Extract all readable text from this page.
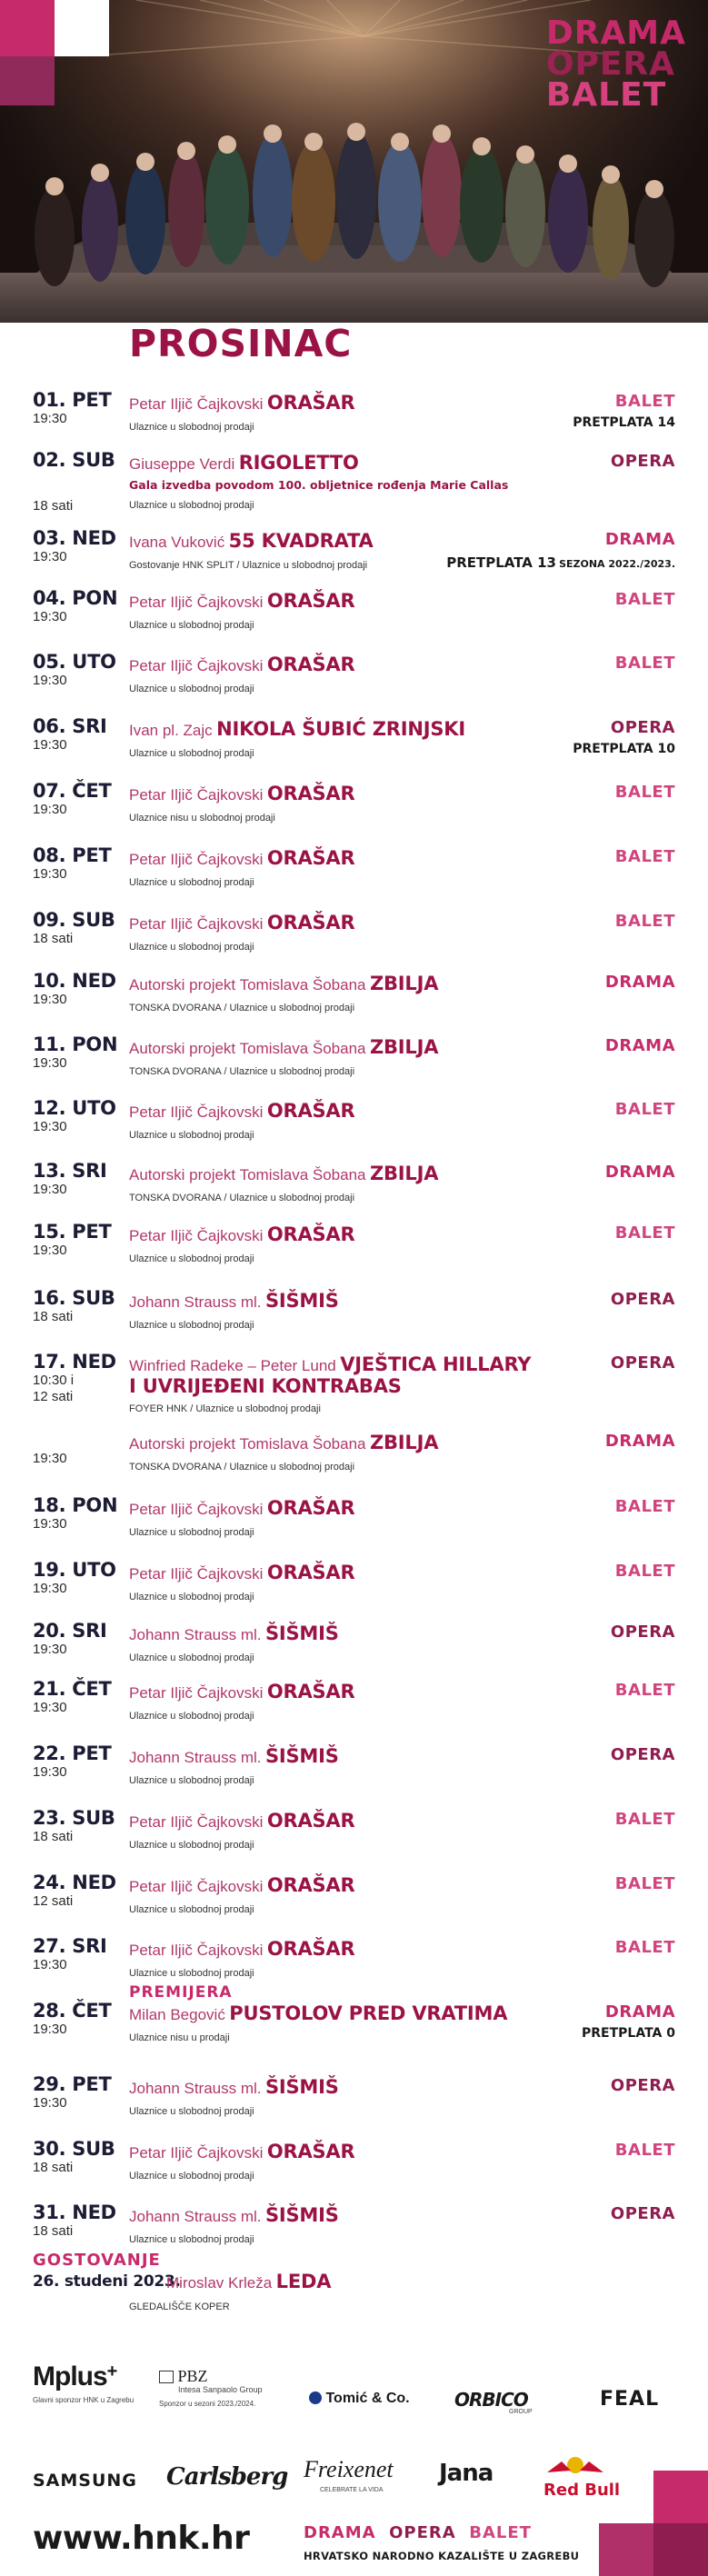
DRAMA
OPERA
BALET
PROSINAC
01. PET
19:30
Petar Iljič Čajkovski ORAŠAR
Ulaznice u slobodnoj prodaji
BALET
PRETPLATA 14
02. SUB
Gala izvedba povodom 100. obljetnice rođenja Marie Callas
18 sati
Giuseppe Verdi RIGOLETTO
Ulaznice u slobodnoj prodaji
OPERA
03. NED
19:30
Ivana Vuković 55 KVADRATA
Gostovanje HNK SPLIT / Ulaznice u slobodnoj prodaji
DRAMA
PRETPLATA 13 SEZONA 2022./2023.
04. PON
19:30
Petar Iljič Čajkovski ORAŠAR
Ulaznice u slobodnoj prodaji
BALET
05. UTO
19:30
Petar Iljič Čajkovski ORAŠAR
Ulaznice u slobodnoj prodaji
BALET
06. SRI
19:30
Ivan pl. Zajc NIKOLA ŠUBIĆ ZRINJSKI
Ulaznice u slobodnoj prodaji
OPERA
PRETPLATA 10
07. ČET
19:30
Petar Iljič Čajkovski ORAŠAR
Ulaznice nisu u slobodnoj prodaji
BALET
08. PET
19:30
Petar Iljič Čajkovski ORAŠAR
Ulaznice u slobodnoj prodaji
BALET
09. SUB
18 sati
Petar Iljič Čajkovski ORAŠAR
Ulaznice u slobodnoj prodaji
BALET
10. NED
19:30
Autorski projekt Tomislava Šobana ZBILJA
TONSKA DVORANA / Ulaznice u slobodnoj prodaji
DRAMA
11. PON
19:30
Autorski projekt Tomislava Šobana ZBILJA
TONSKA DVORANA / Ulaznice u slobodnoj prodaji
DRAMA
12. UTO
19:30
Petar Iljič Čajkovski ORAŠAR
Ulaznice u slobodnoj prodaji
BALET
13. SRI
19:30
Autorski projekt Tomislava Šobana ZBILJA
TONSKA DVORANA / Ulaznice u slobodnoj prodaji
DRAMA
15. PET
19:30
Petar Iljič Čajkovski ORAŠAR
Ulaznice u slobodnoj prodaji
BALET
16. SUB
18 sati
Johann Strauss ml. ŠIŠMIŠ
Ulaznice u slobodnoj prodaji
OPERA
17. NED
10:30 i
12 sati
Winfried Radeke – Peter Lund VJEŠTICA HILLARY
I UVRIJEĐENI KONTRABAS
FOYER HNK / Ulaznice u slobodnoj prodaji
OPERA
19:30
Autorski projekt Tomislava Šobana ZBILJA
TONSKA DVORANA / Ulaznice u slobodnoj prodaji
DRAMA
18. PON
19:30
Petar Iljič Čajkovski ORAŠAR
Ulaznice u slobodnoj prodaji
BALET
19. UTO
19:30
Petar Iljič Čajkovski ORAŠAR
Ulaznice u slobodnoj prodaji
BALET
20. SRI
19:30
Johann Strauss ml. ŠIŠMIŠ
Ulaznice u slobodnoj prodaji
OPERA
21. ČET
19:30
Petar Iljič Čajkovski ORAŠAR
Ulaznice u slobodnoj prodaji
BALET
22. PET
19:30
Johann Strauss ml. ŠIŠMIŠ
Ulaznice u slobodnoj prodaji
OPERA
23. SUB
18 sati
Petar Iljič Čajkovski ORAŠAR
Ulaznice u slobodnoj prodaji
BALET
24. NED
12 sati
Petar Iljič Čajkovski ORAŠAR
Ulaznice u slobodnoj prodaji
BALET
27. SRI
19:30
Petar Iljič Čajkovski ORAŠAR
Ulaznice u slobodnoj prodaji
BALET
28. ČET
PREMIJERA
19:30
Milan Begović PUSTOLOV PRED VRATIMA
Ulaznice nisu u prodaji
DRAMA
PRETPLATA 0
29. PET
19:30
Johann Strauss ml. ŠIŠMIŠ
Ulaznice u slobodnoj prodaji
OPERA
30. SUB
18 sati
Petar Iljič Čajkovski ORAŠAR
Ulaznice u slobodnoj prodaji
BALET
31. NED
18 sati
Johann Strauss ml. ŠIŠMIŠ
Ulaznice u slobodnoj prodaji
OPERA
GOSTOVANJE
26. studeni 2023.
Miroslav Krleža LEDA
GLEDALIŠČE KOPER
Mplus+
Glavni sponzor HNK u Zagrebu
PBZ
Intesa Sanpaolo Group
Sponzor u sezoni 2023./2024.	Tomić & Co. ORBICO
GROUP
FEAL
SAMSUNG Carlsberg Freixenet
CELEBRATE LA VIDA
Jana
Red Bull
www.hnk.hr	DRAMA OPERA BALET
HRVATSKO NARODNO KAZALIŠTE U ZAGREBU
